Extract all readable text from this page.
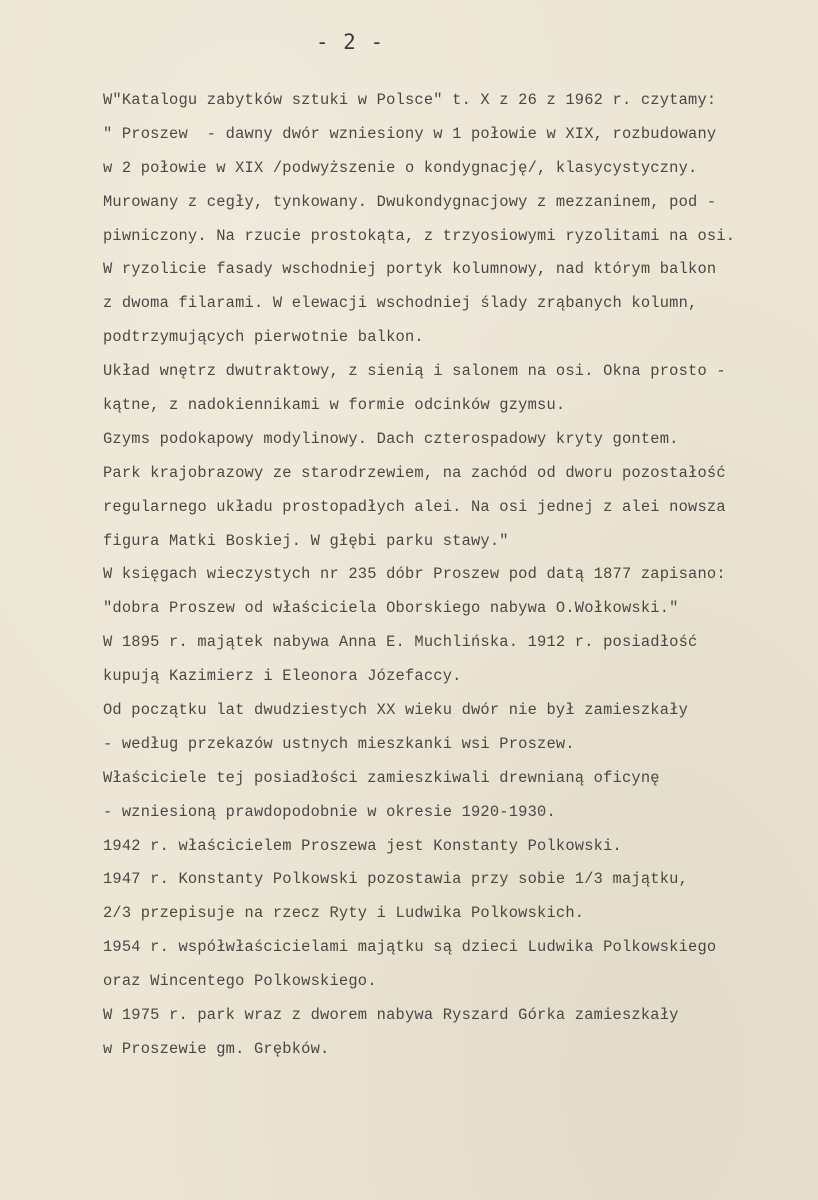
- 2 -
W"Katalogu zabytków sztuki w Polsce" t. X z 26 z 1962 r. czytamy:
" Proszew  - dawny dwór wzniesiony w 1 połowie w XIX, rozbudowany
w 2 połowie w XIX /podwyższenie o kondygnację/, klasycystyczny.
Murowany z cegły, tynkowany. Dwukondygnacjowy z mezzaninem, pod -
piwniczony. Na rzucie prostokąta, z trzyosiowymi ryzolitami na osi.
W ryzolicie fasady wschodniej portyk kolumnowy, nad którym balkon
z dwoma filarami. W elewacji wschodniej ślady zrąbanych kolumn,
podtrzymujących pierwotnie balkon.
Układ wnętrz dwutraktowy, z sienią i salonem na osi. Okna prosto -
kątne, z nadokiennikami w formie odcinków gzymsu.
Gzyms podokapowy modylinowy. Dach czterospadowy kryty gontem.
Park krajobrazowy ze starodrzewiem, na zachód od dworu pozostałość
regularnego układu prostopadłych alei. Na osi jednej z alei nowsza
figura Matki Boskiej. W głębi parku stawy."
W księgach wieczystych nr 235 dóbr Proszew pod datą 1877 zapisano:
"dobra Proszew od właściciela Oborskiego nabywa O.Wołkowski."
W 1895 r. majątek nabywa Anna E. Muchlińska. 1912 r. posiadłość
kupują Kazimierz i Eleonora Józefaccy.
Od początku lat dwudziestych XX wieku dwór nie był zamieszkały
- według przekazów ustnych mieszkanki wsi Proszew.
Właściciele tej posiadłości zamieszkiwali drewnianą oficynę
- wzniesioną prawdopodobnie w okresie 1920-1930.
1942 r. właścicielem Proszewa jest Konstanty Polkowski.
1947 r. Konstanty Polkowski pozostawia przy sobie 1/3 majątku,
2/3 przepisuje na rzecz Ryty i Ludwika Polkowskich.
1954 r. współwłaścicielami majątku są dzieci Ludwika Polkowskiego
oraz Wincentego Polkowskiego.
W 1975 r. park wraz z dworem nabywa Ryszard Górka zamieszkały
w Proszewie gm. Grębków.
